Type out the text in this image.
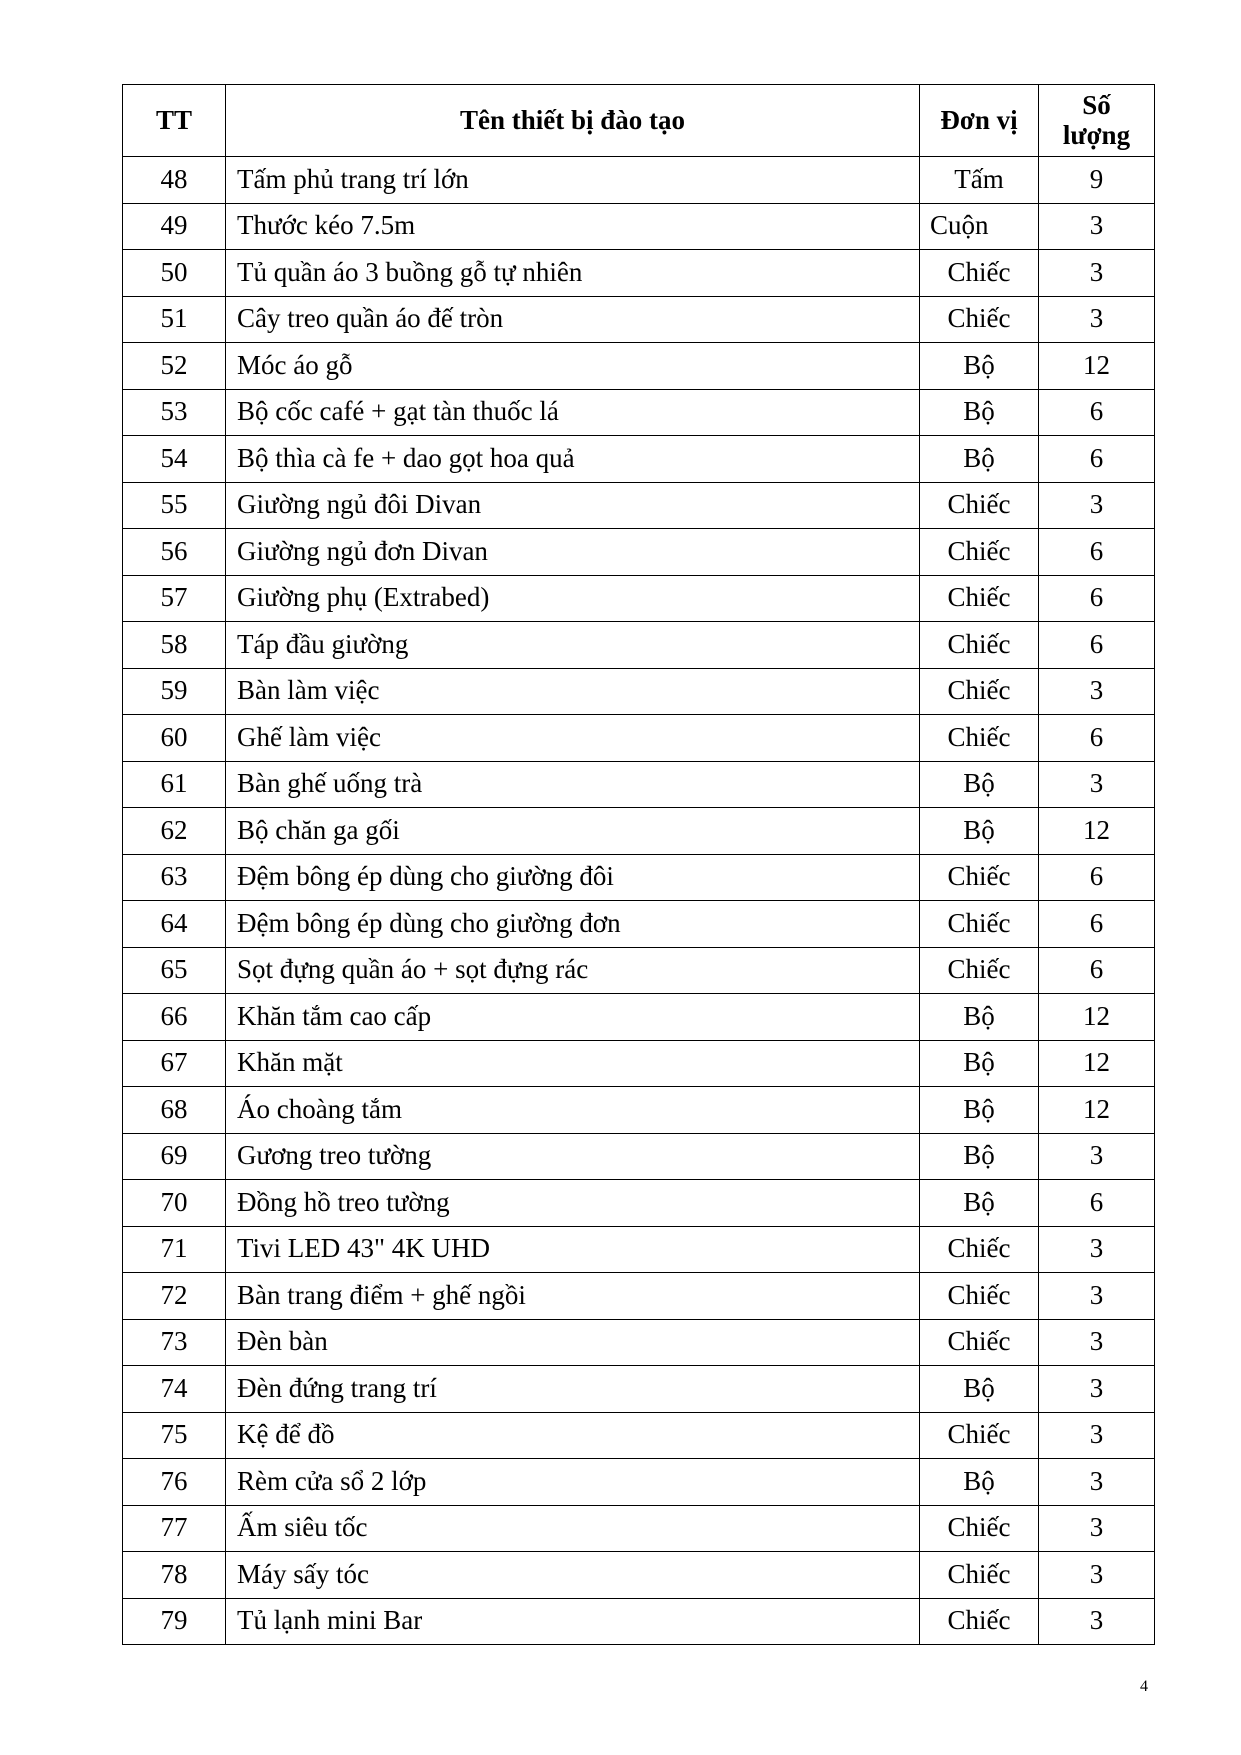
TT	Tên thiết bị đào tạo	Đơn vị	Số
lượng
48	Tấm phủ trang trí lớn	Tấm	9
49	Thước kéo 7.5m	Cuộn	3
50	Tủ quần áo 3 buồng gỗ tự nhiên	Chiếc	3
51	Cây treo quần áo đế tròn	Chiếc	3
52	Móc áo gỗ	Bộ	12
53	Bộ cốc café + gạt tàn thuốc lá	Bộ	6
54	Bộ thìa cà fe + dao gọt hoa quả	Bộ	6
55	Giường ngủ đôi Divan	Chiếc	3
56	Giường ngủ đơn Divan	Chiếc	6
57	Giường phụ (Extrabed)	Chiếc	6
58	Táp đầu giường	Chiếc	6
59	Bàn làm việc	Chiếc	3
60	Ghế làm việc	Chiếc	6
61	Bàn ghế uống trà	Bộ	3
62	Bộ chăn ga gối	Bộ	12
63	Đệm bông ép dùng cho giường đôi	Chiếc	6
64	Đệm bông ép dùng cho giường đơn	Chiếc	6
65	Sọt đựng quần áo + sọt đựng rác	Chiếc	6
66	Khăn tắm cao cấp	Bộ	12
67	Khăn mặt	Bộ	12
68	Áo choàng tắm	Bộ	12
69	Gương treo tường	Bộ	3
70	Đồng hồ treo tường	Bộ	6
71	Tivi LED 43" 4K UHD	Chiếc	3
72	Bàn trang điểm + ghế ngồi	Chiếc	3
73	Đèn bàn	Chiếc	3
74	Đèn đứng trang trí	Bộ	3
75	Kệ để đồ	Chiếc	3
76	Rèm cửa sổ 2 lớp	Bộ	3
77	Ấm siêu tốc	Chiếc	3
78	Máy sấy tóc	Chiếc	3
79	Tủ lạnh mini Bar	Chiếc	3
4
